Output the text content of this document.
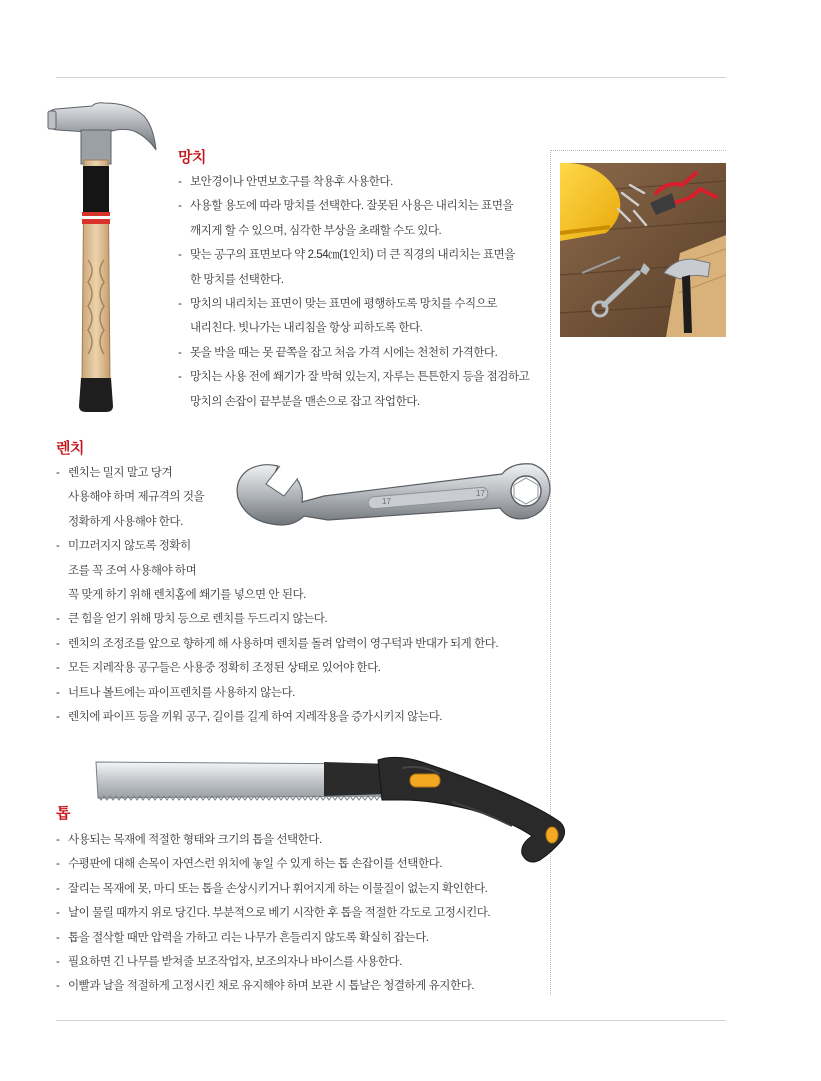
망치
- 보안경이나 안면보호구를 착용후 사용한다.
- 사용할 용도에 따라 망치를 선택한다. 잘못된 사용은 내리치는 표면을
깨지게 할 수 있으며, 심각한 부상을 초래할 수도 있다.
- 맞는 공구의 표면보다 약 2.54㎝(1인치) 더 큰 직경의 내리치는 표면을
한 망치를 선택한다.
- 망치의 내리치는 표면이 맞는 표면에 평행하도록 망치를 수직으로
내리친다. 빗나가는 내리침을 항상 피하도록 한다.
- 못을 박을 때는 못 끝쪽을 잡고 처음 가격 시에는 천천히 가격한다.
- 망치는 사용 전에 쐐기가 잘 박혀 있는지, 자루는 튼튼한지 등을 점검하고
망치의 손잡이 끝부분을 맨손으로 잡고 작업한다.
렌치
17
17
- 렌치는 밀지 말고 당겨
사용해야 하며 제규격의 것을
정확하게 사용해야 한다.
- 미끄러지지 않도록 정확히
조를 꼭 조여 사용해야 하며
꼭 맞게 하기 위해 렌치홈에 쐐기를 넣으면 안 된다.
- 큰 힘을 얻기 위해 망치 등으로 렌치를 두드리지 않는다.
- 렌치의 조정조를 앞으로 향하게 해 사용하며 렌치를 돌려 압력이 영구턱과 반대가 되게 한다.
- 모든 지레작용 공구들은 사용중 정확히 조정된 상태로 있어야 한다.
- 너트나 볼트에는 파이프렌치를 사용하지 않는다.
- 렌치에 파이프 등을 끼워 공구, 길이를 길게 하여 지레작용을 증가시키지 않는다.
톱
- 사용되는 목재에 적절한 형태와 크기의 톱을 선택한다.
- 수평판에 대해 손목이 자연스런 위치에 놓일 수 있게 하는 톱 손잡이를 선택한다.
- 잘리는 목재에 못, 마디 또는 톱을 손상시키거나 휘어지게 하는 이물질이 없는지 확인한다.
- 날이 물릴 때까지 위로 당긴다. 부분적으로 베기 시작한 후 톱을 적절한 각도로 고정시킨다.
- 톱을 절삭할 때만 압력을 가하고 리는 나무가 흔들리지 않도록 확실히 잡는다.
- 필요하면 긴 나무를 받쳐줄 보조작업자, 보조의자나 바이스를 사용한다.
- 이빨과 날을 적절하게 고정시킨 채로 유지해야 하며 보관 시 톱날은 청결하게 유지한다.
